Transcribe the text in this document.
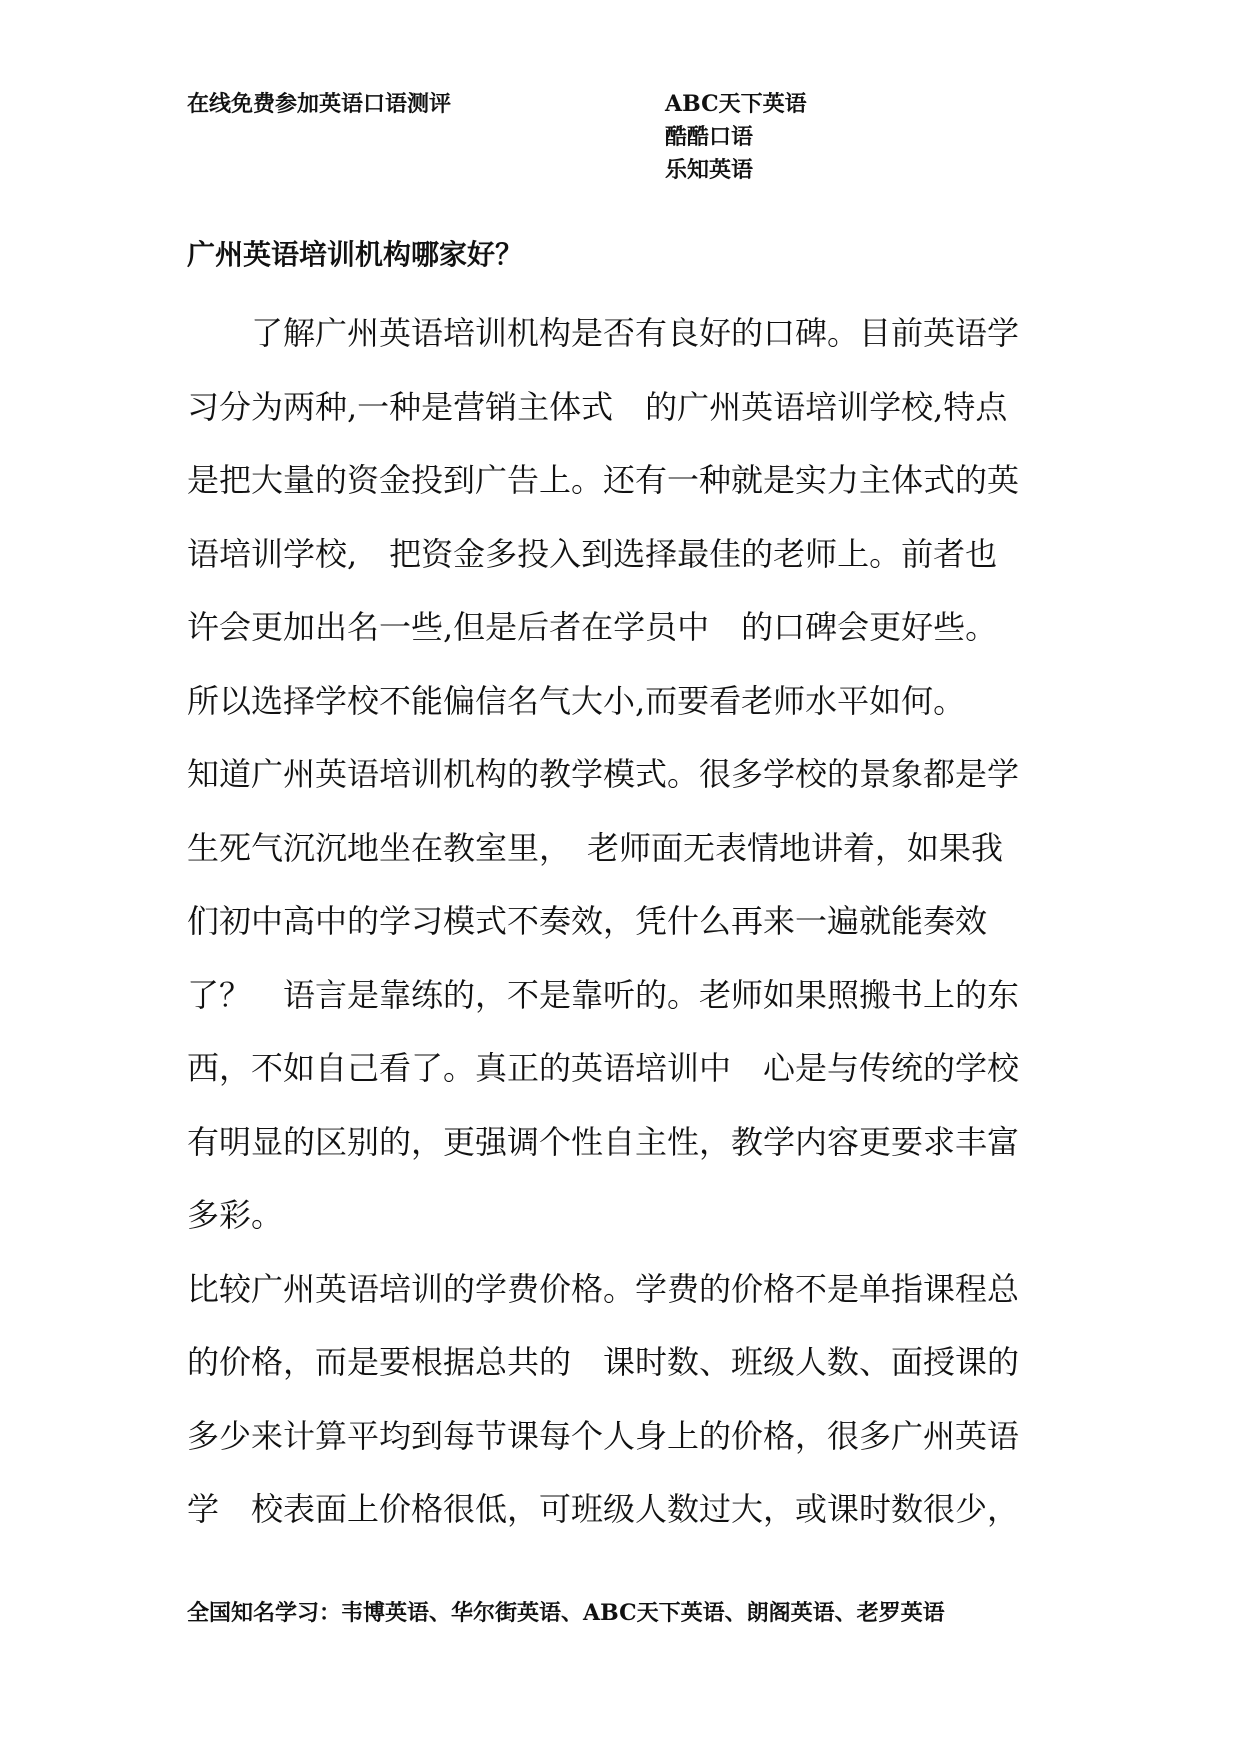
在线免费参加英语口语测评	ABC天下英语
酷酷口语
乐知英语
广州英语培训机构哪家好？
　　了解广州英语培训机构是否有良好的口碑。目前英语学
习分为两种,一种是营销主体式　的广州英语培训学校,特点
是把大量的资金投到广告上。还有一种就是实力主体式的英
语培训学校,　把资金多投入到选择最佳的老师上。前者也
许会更加出名一些,但是后者在学员中　的口碑会更好些。
所以选择学校不能偏信名气大小,而要看老师水平如何。
知道广州英语培训机构的教学模式。很多学校的景象都是学
生死气沉沉地坐在教室里，　老师面无表情地讲着，如果我
们初中高中的学习模式不奏效，凭什么再来一遍就能奏效
了？　语言是靠练的，不是靠听的。老师如果照搬书上的东
西，不如自己看了。真正的英语培训中　心是与传统的学校
有明显的区别的，更强调个性自主性，教学内容更要求丰富
多彩。
比较广州英语培训的学费价格。学费的价格不是单指课程总
的价格，而是要根据总共的　课时数、班级人数、面授课的
多少来计算平均到每节课每个人身上的价格，很多广州英语
学　校表面上价格很低，可班级人数过大，或课时数很少，

全国知名学习：韦博英语、华尔街英语、ABC天下英语、朗阁英语、老罗英语
